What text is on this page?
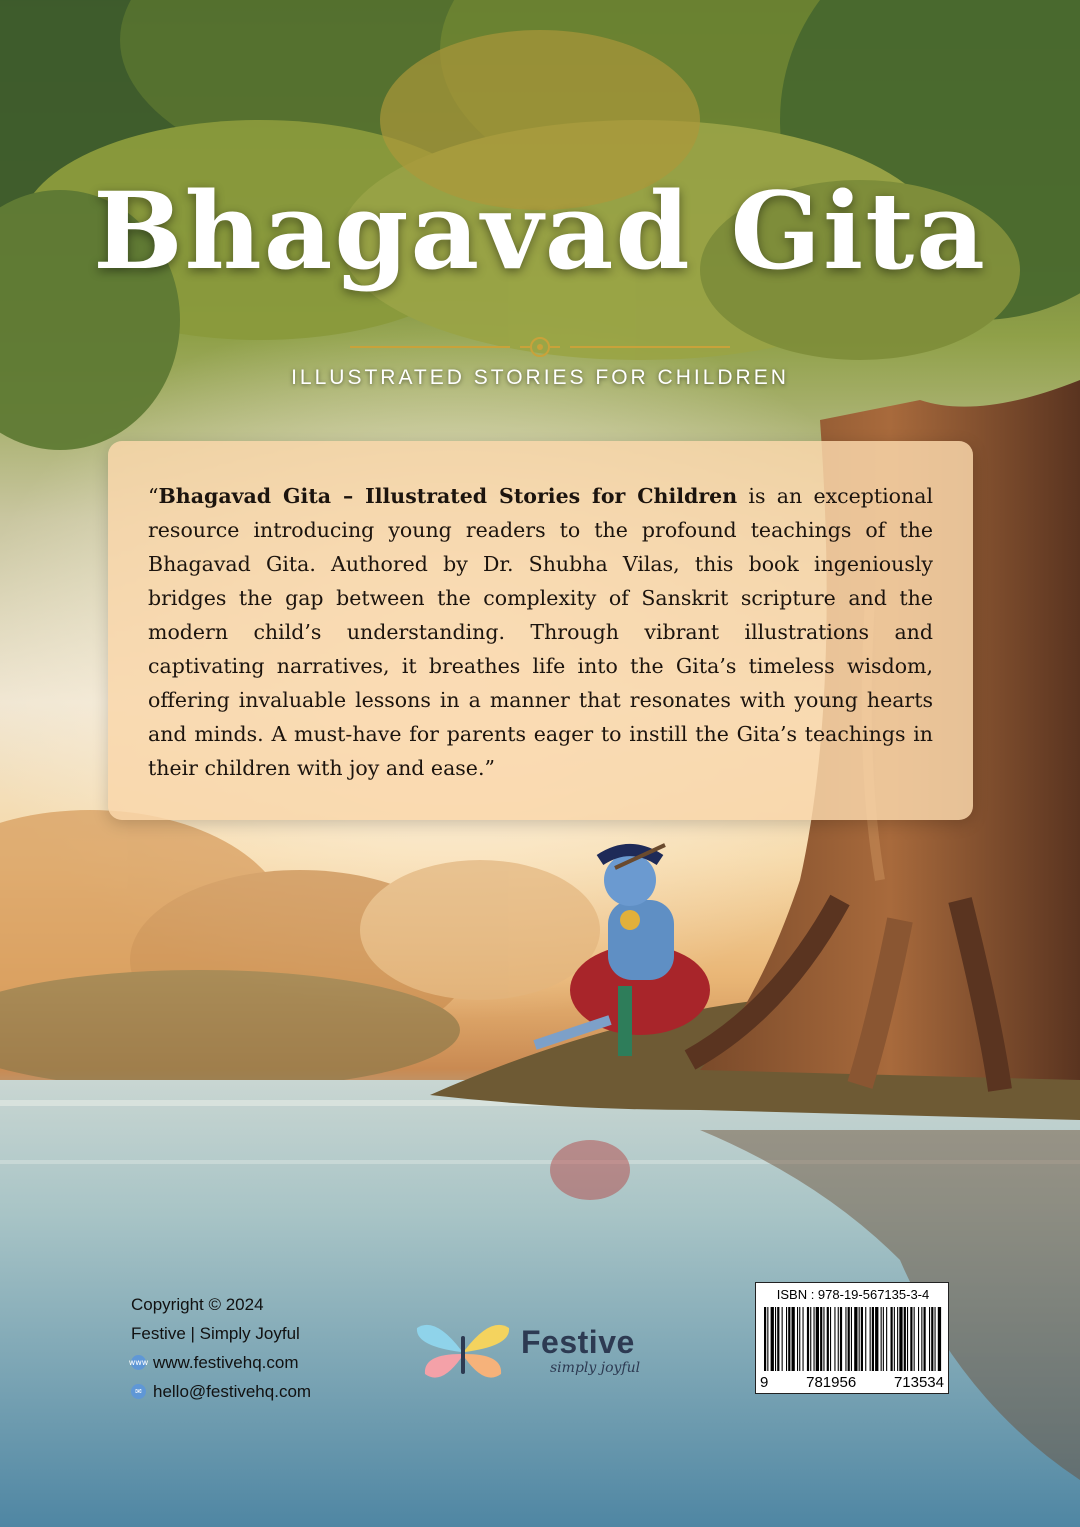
Bhagavad Gita
ILLUSTRATED STORIES FOR CHILDREN

“Bhagavad Gita – Illustrated Stories for Children is an exceptional resource introducing young readers to the profound teachings of the Bhagavad Gita. Authored by Dr. Shubha Vilas, this book ingeniously bridges the gap between the complexity of Sanskrit scripture and the modern child’s understanding. Through vibrant illustrations and captivating narratives, it breathes life into the Gita’s timeless wisdom, offering invaluable lessons in a manner that resonates with young hearts and minds. A must-have for parents eager to instill the Gita’s teachings in their children with joy and ease.”

Copyright © 2024
Festive | Simply Joyful
www www.festivehq.com
✉ hello@festivehq.com
Festive
simply joyful
ISBN : 978-19-567135-3-4
9	781956	713534
